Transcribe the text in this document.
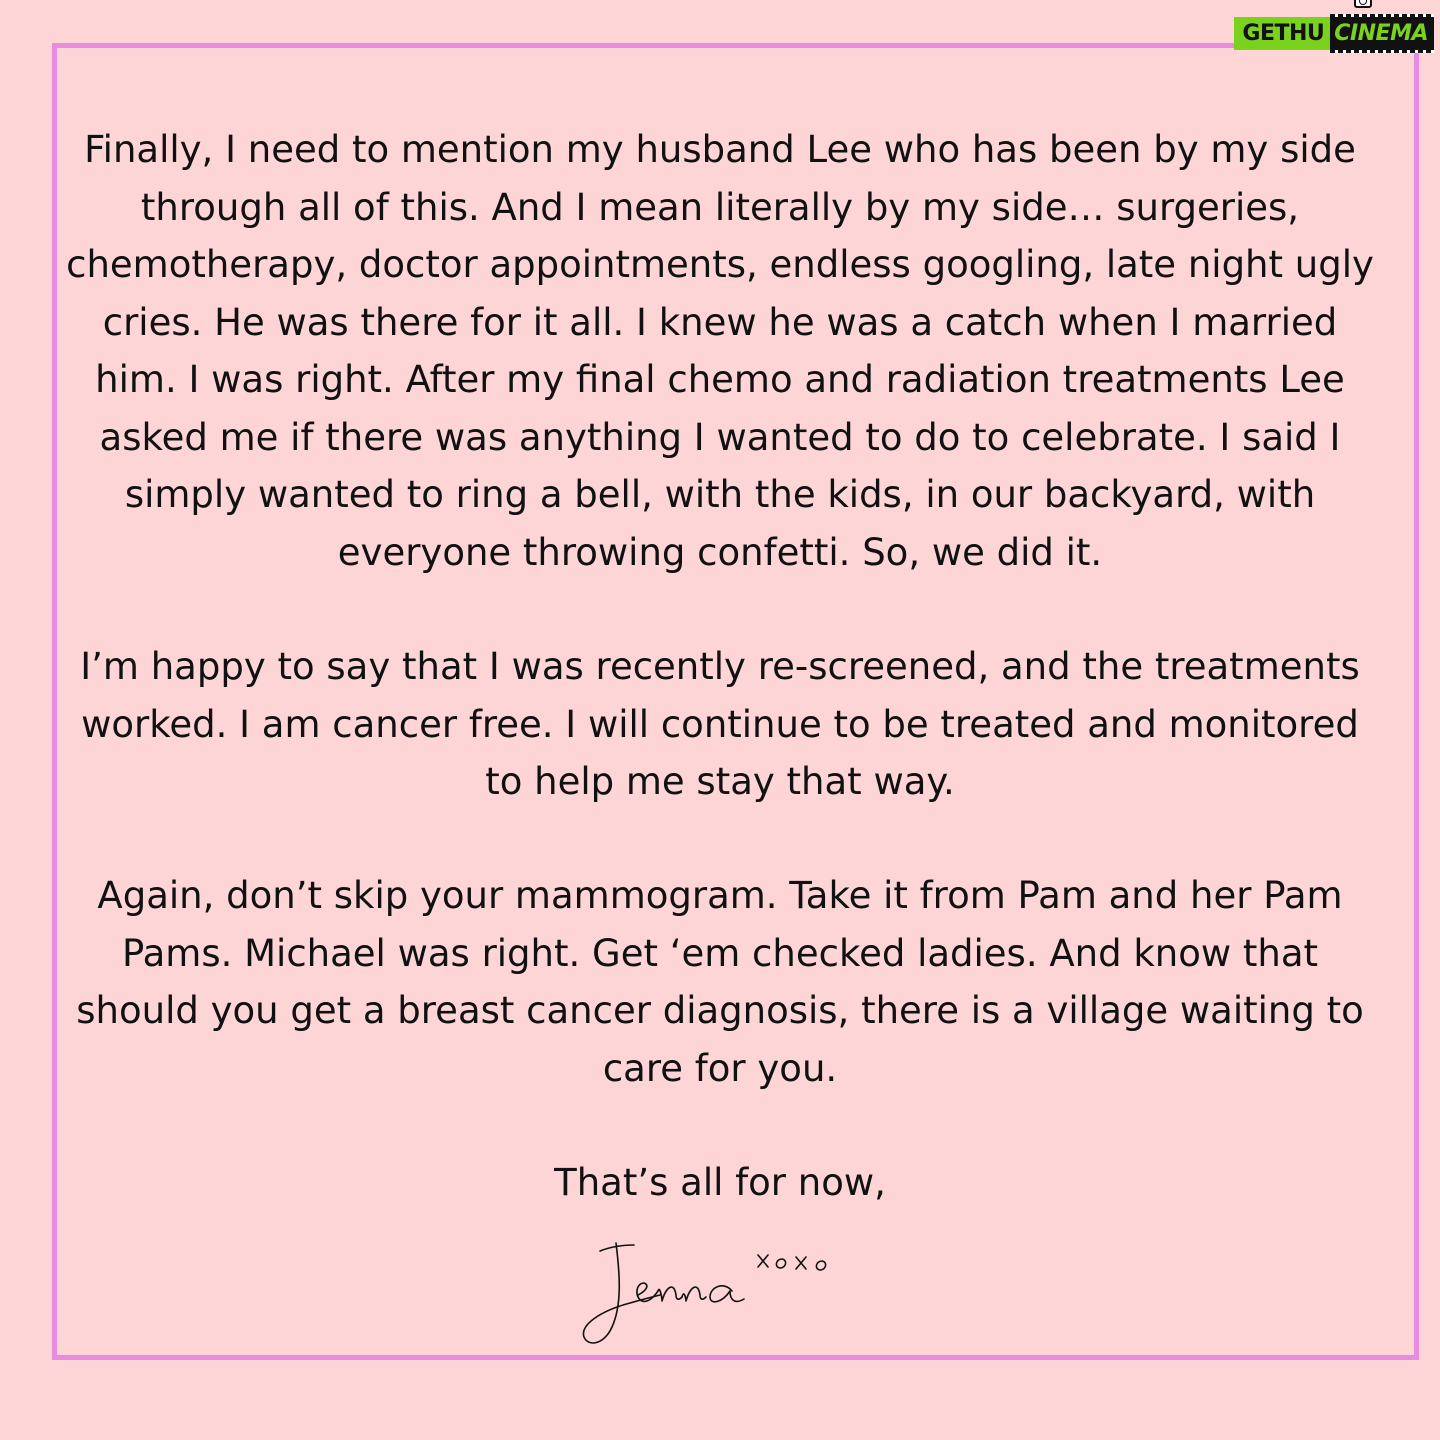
GETHU CINEMA

Finally, I need to mention my husband Lee who has been by my side through all of this. And I mean literally by my side… surgeries, chemotherapy, doctor appointments, endless googling, late night ugly cries. He was there for it all. I knew he was a catch when I married him. I was right. After my final chemo and radiation treatments Lee asked me if there was anything I wanted to do to celebrate. I said I simply wanted to ring a bell, with the kids, in our backyard, with everyone throwing confetti. So, we did it.

I’m happy to say that I was recently re-screened, and the treatments worked. I am cancer free. I will continue to be treated and monitored to help me stay that way.

Again, don’t skip your mammogram. Take it from Pam and her Pam Pams. Michael was right. Get ‘em checked ladies. And know that should you get a breast cancer diagnosis, there is a village waiting to care for you.

That’s all for now,
